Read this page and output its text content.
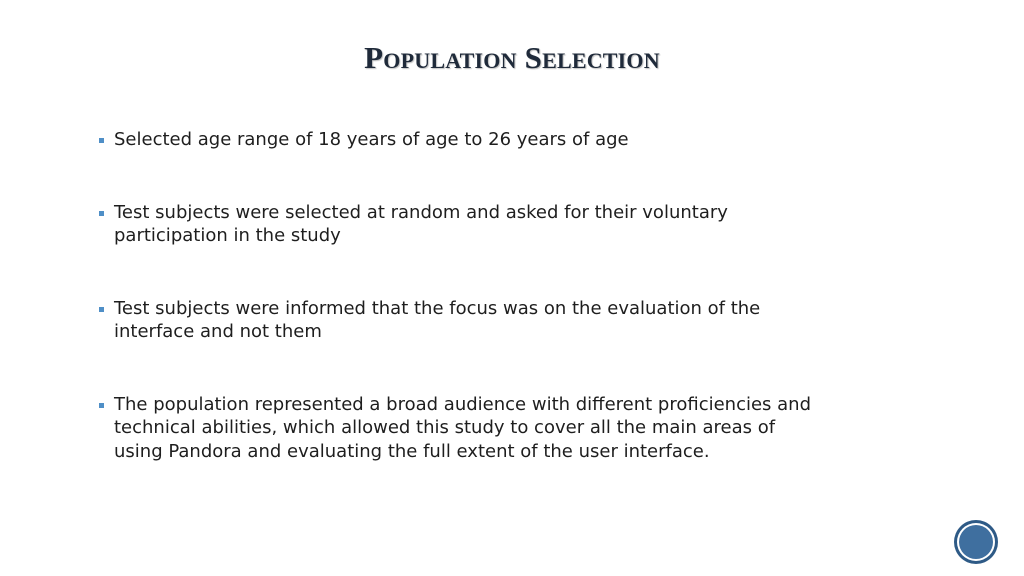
Population Selection
Selected age range of 18 years of age to 26 years of age
Test subjects were selected at random and asked for their voluntary participation in the study
Test subjects were informed that the focus was on the evaluation of the interface and not them
The population represented a broad audience with different proficiencies and technical abilities, which allowed this study to cover all the main areas of using Pandora and evaluating the full extent of the user interface.
